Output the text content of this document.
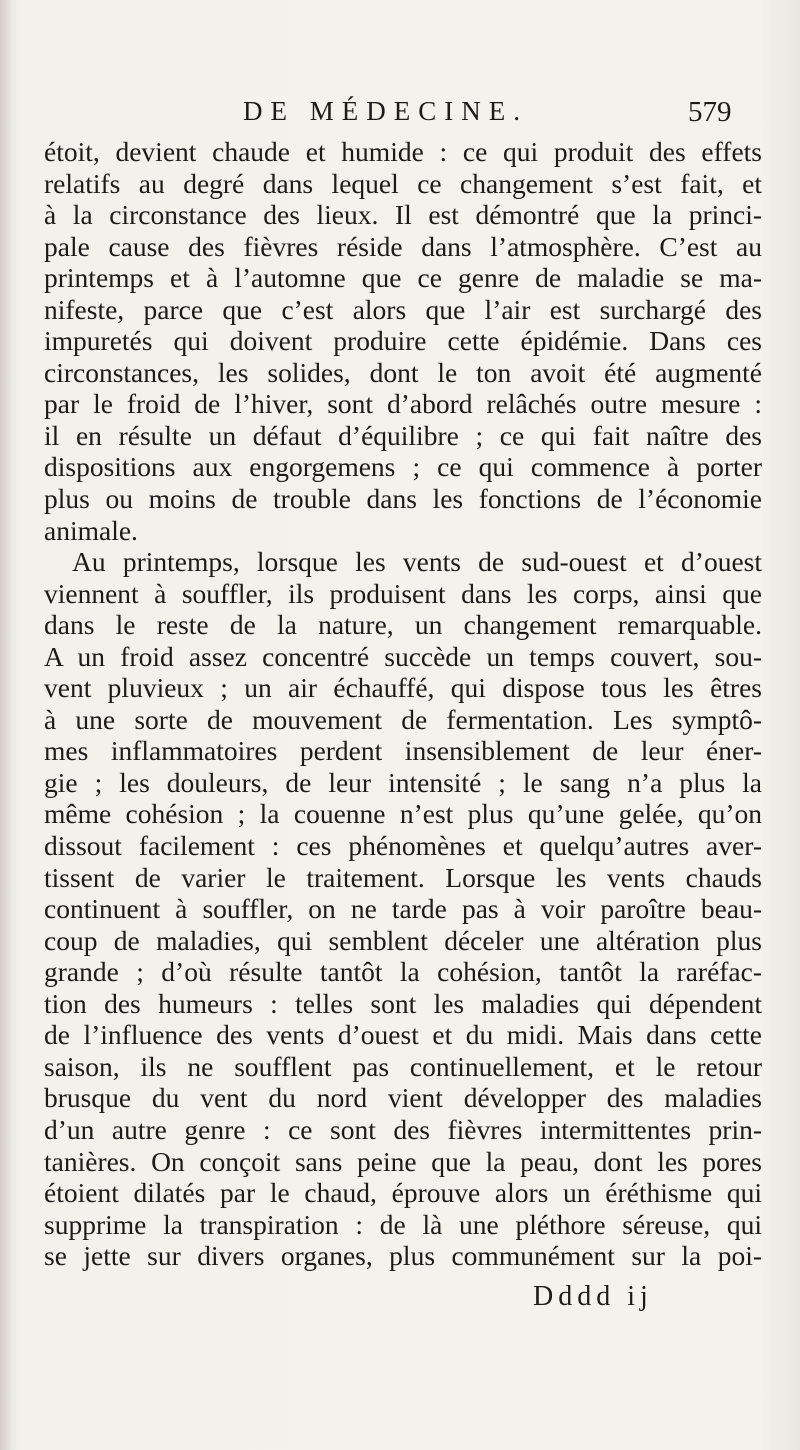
DE MÉDECINE.	579
étoit, devient chaude et humide : ce qui produit des effets
relatifs au degré dans lequel ce changement s’est fait, et
à la circonstance des lieux. Il est démontré que la princi-
pale cause des fièvres réside dans l’atmosphère. C’est au
printemps et à l’automne que ce genre de maladie se ma-
nifeste, parce que c’est alors que l’air est surchargé des
impuretés qui doivent produire cette épidémie. Dans ces
circonstances, les solides, dont le ton avoit été augmenté
par le froid de l’hiver, sont d’abord relâchés outre mesure :
il en résulte un défaut d’équilibre ; ce qui fait naître des
dispositions aux engorgemens ; ce qui commence à porter
plus ou moins de trouble dans les fonctions de l’économie
animale.
Au printemps, lorsque les vents de sud-ouest et d’ouest
viennent à souffler, ils produisent dans les corps, ainsi que
dans le reste de la nature, un changement remarquable.
A un froid assez concentré succède un temps couvert, sou-
vent pluvieux ; un air échauffé, qui dispose tous les êtres
à une sorte de mouvement de fermentation. Les symptô-
mes inflammatoires perdent insensiblement de leur éner-
gie ; les douleurs, de leur intensité ; le sang n’a plus la
même cohésion ; la couenne n’est plus qu’une gelée, qu’on
dissout facilement : ces phénomènes et quelqu’autres aver-
tissent de varier le traitement. Lorsque les vents chauds
continuent à souffler, on ne tarde pas à voir paroître beau-
coup de maladies, qui semblent déceler une altération plus
grande ; d’où résulte tantôt la cohésion, tantôt la raréfac-
tion des humeurs : telles sont les maladies qui dépendent
de l’influence des vents d’ouest et du midi. Mais dans cette
saison, ils ne soufflent pas continuellement, et le retour
brusque du vent du nord vient développer des maladies
d’un autre genre : ce sont des fièvres intermittentes prin-
tanières. On conçoit sans peine que la peau, dont les pores
étoient dilatés par le chaud, éprouve alors un éréthisme qui
supprime la transpiration : de là une pléthore séreuse, qui
se jette sur divers organes, plus communément sur la poi-
Dddd ij
